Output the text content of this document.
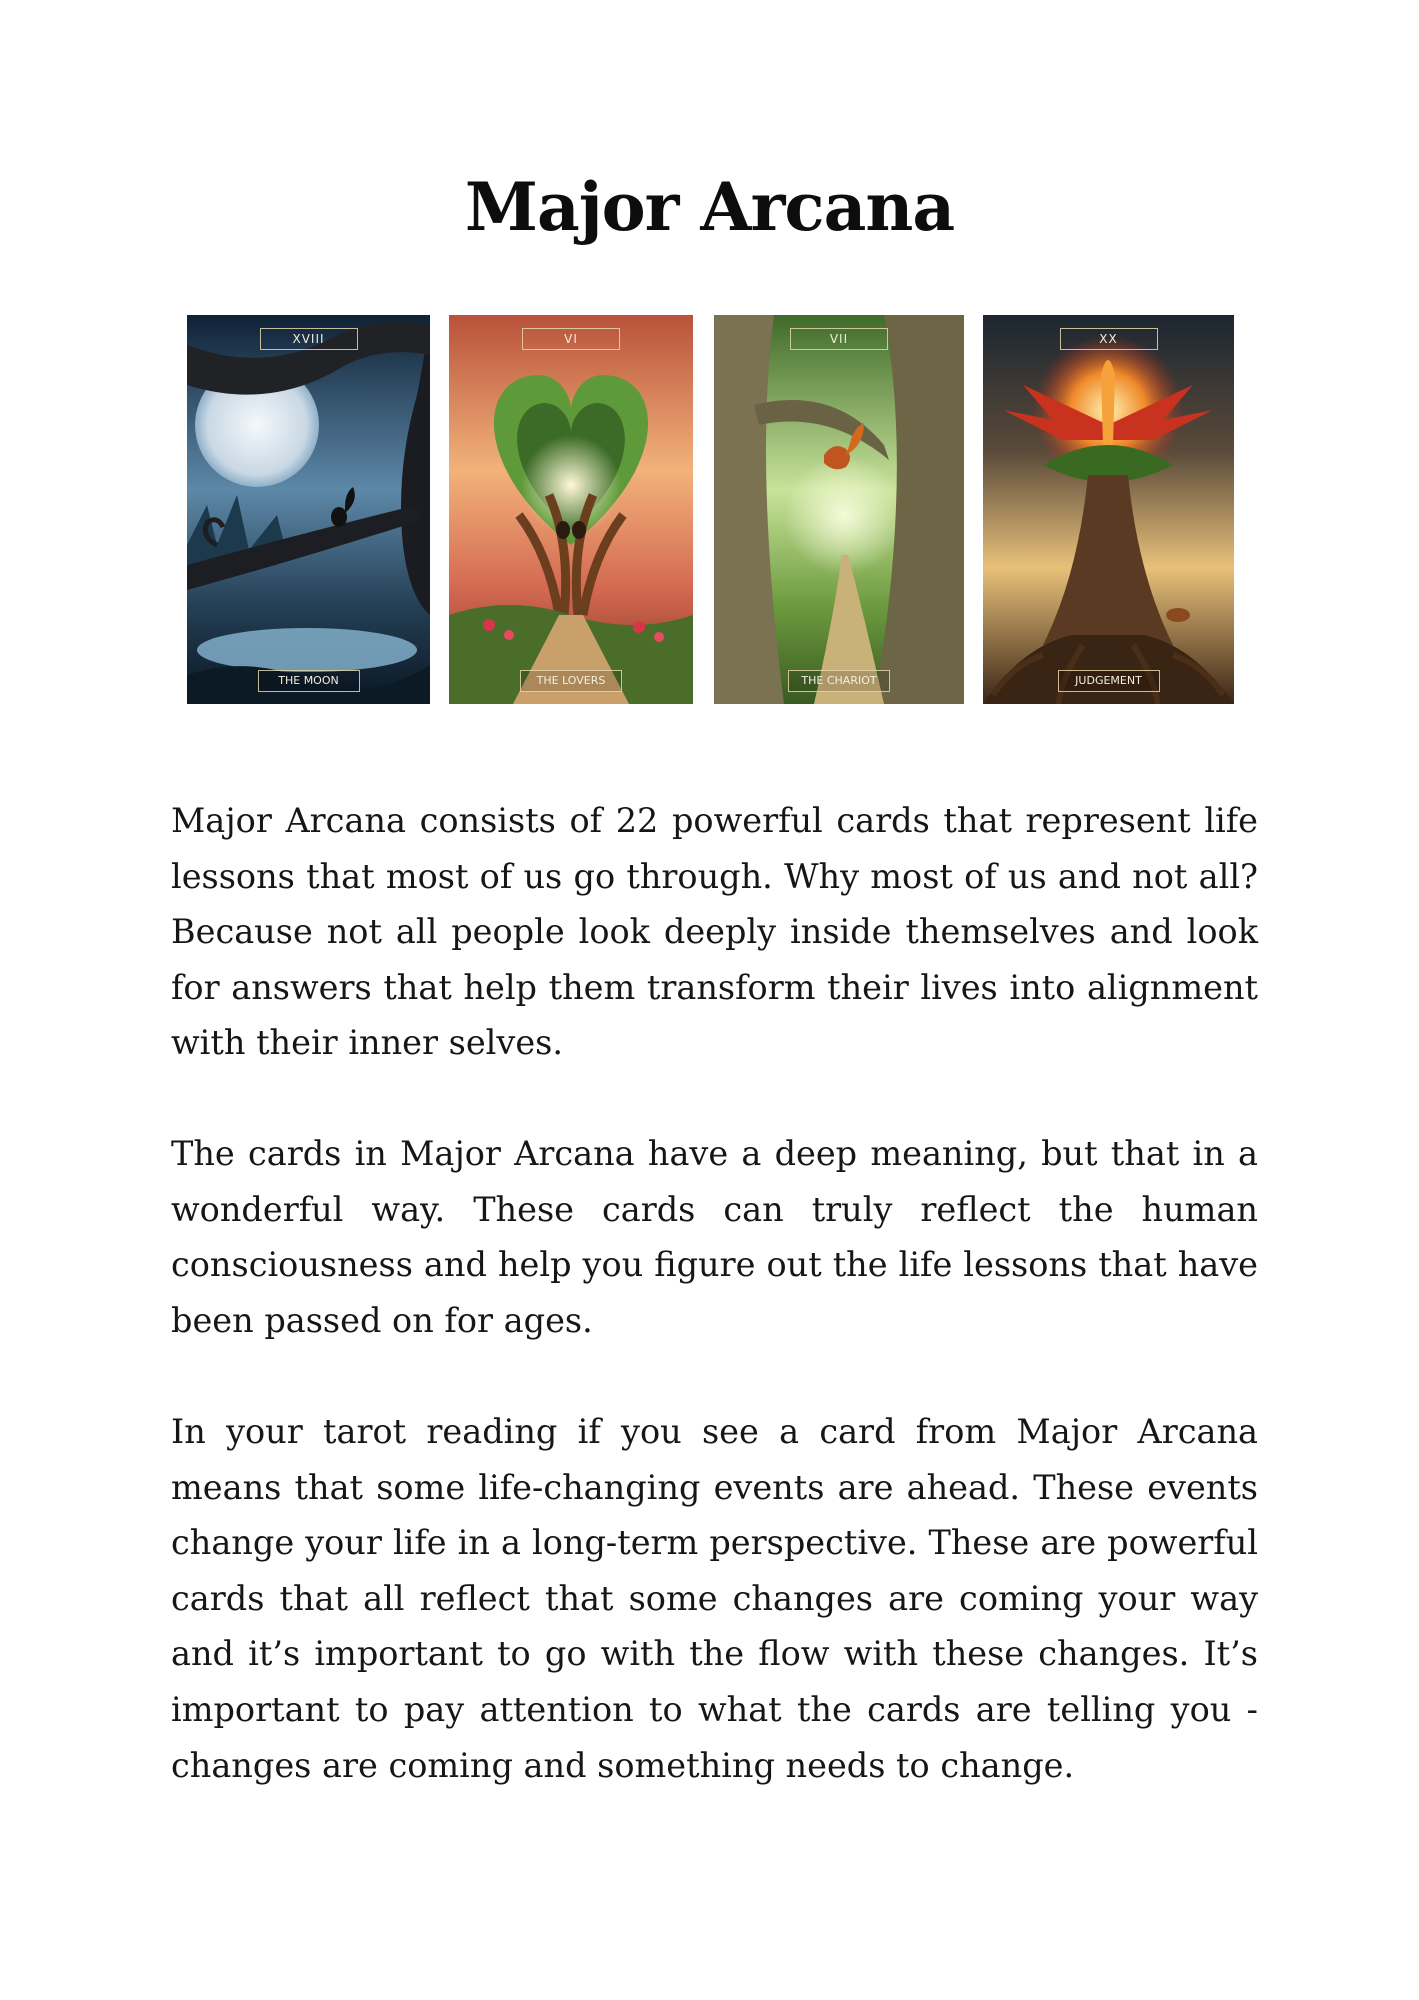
Major Arcana
XVIII
THE MOON
VI
THE LOVERS
VII
THE CHARIOT
XX
JUDGEMENT

Major Arcana consists of 22 powerful cards that represent life lessons that most of us go through. Why most of us and not all? Because not all people look deeply inside themselves and look for answers that help them transform their lives into alignment with their inner selves.

The cards in Major Arcana have a deep meaning, but that in a wonderful way. These cards can truly reflect the human consciousness and help you figure out the life lessons that have been passed on for ages.

In your tarot reading if you see a card from Major Arcana means that some life-changing events are ahead. These events change your life in a long-term perspective. These are powerful cards that all reflect that some changes are coming your way and it’s important to go with the flow with these changes. It’s important to pay attention to what the cards are telling you - changes are coming and something needs to change.
